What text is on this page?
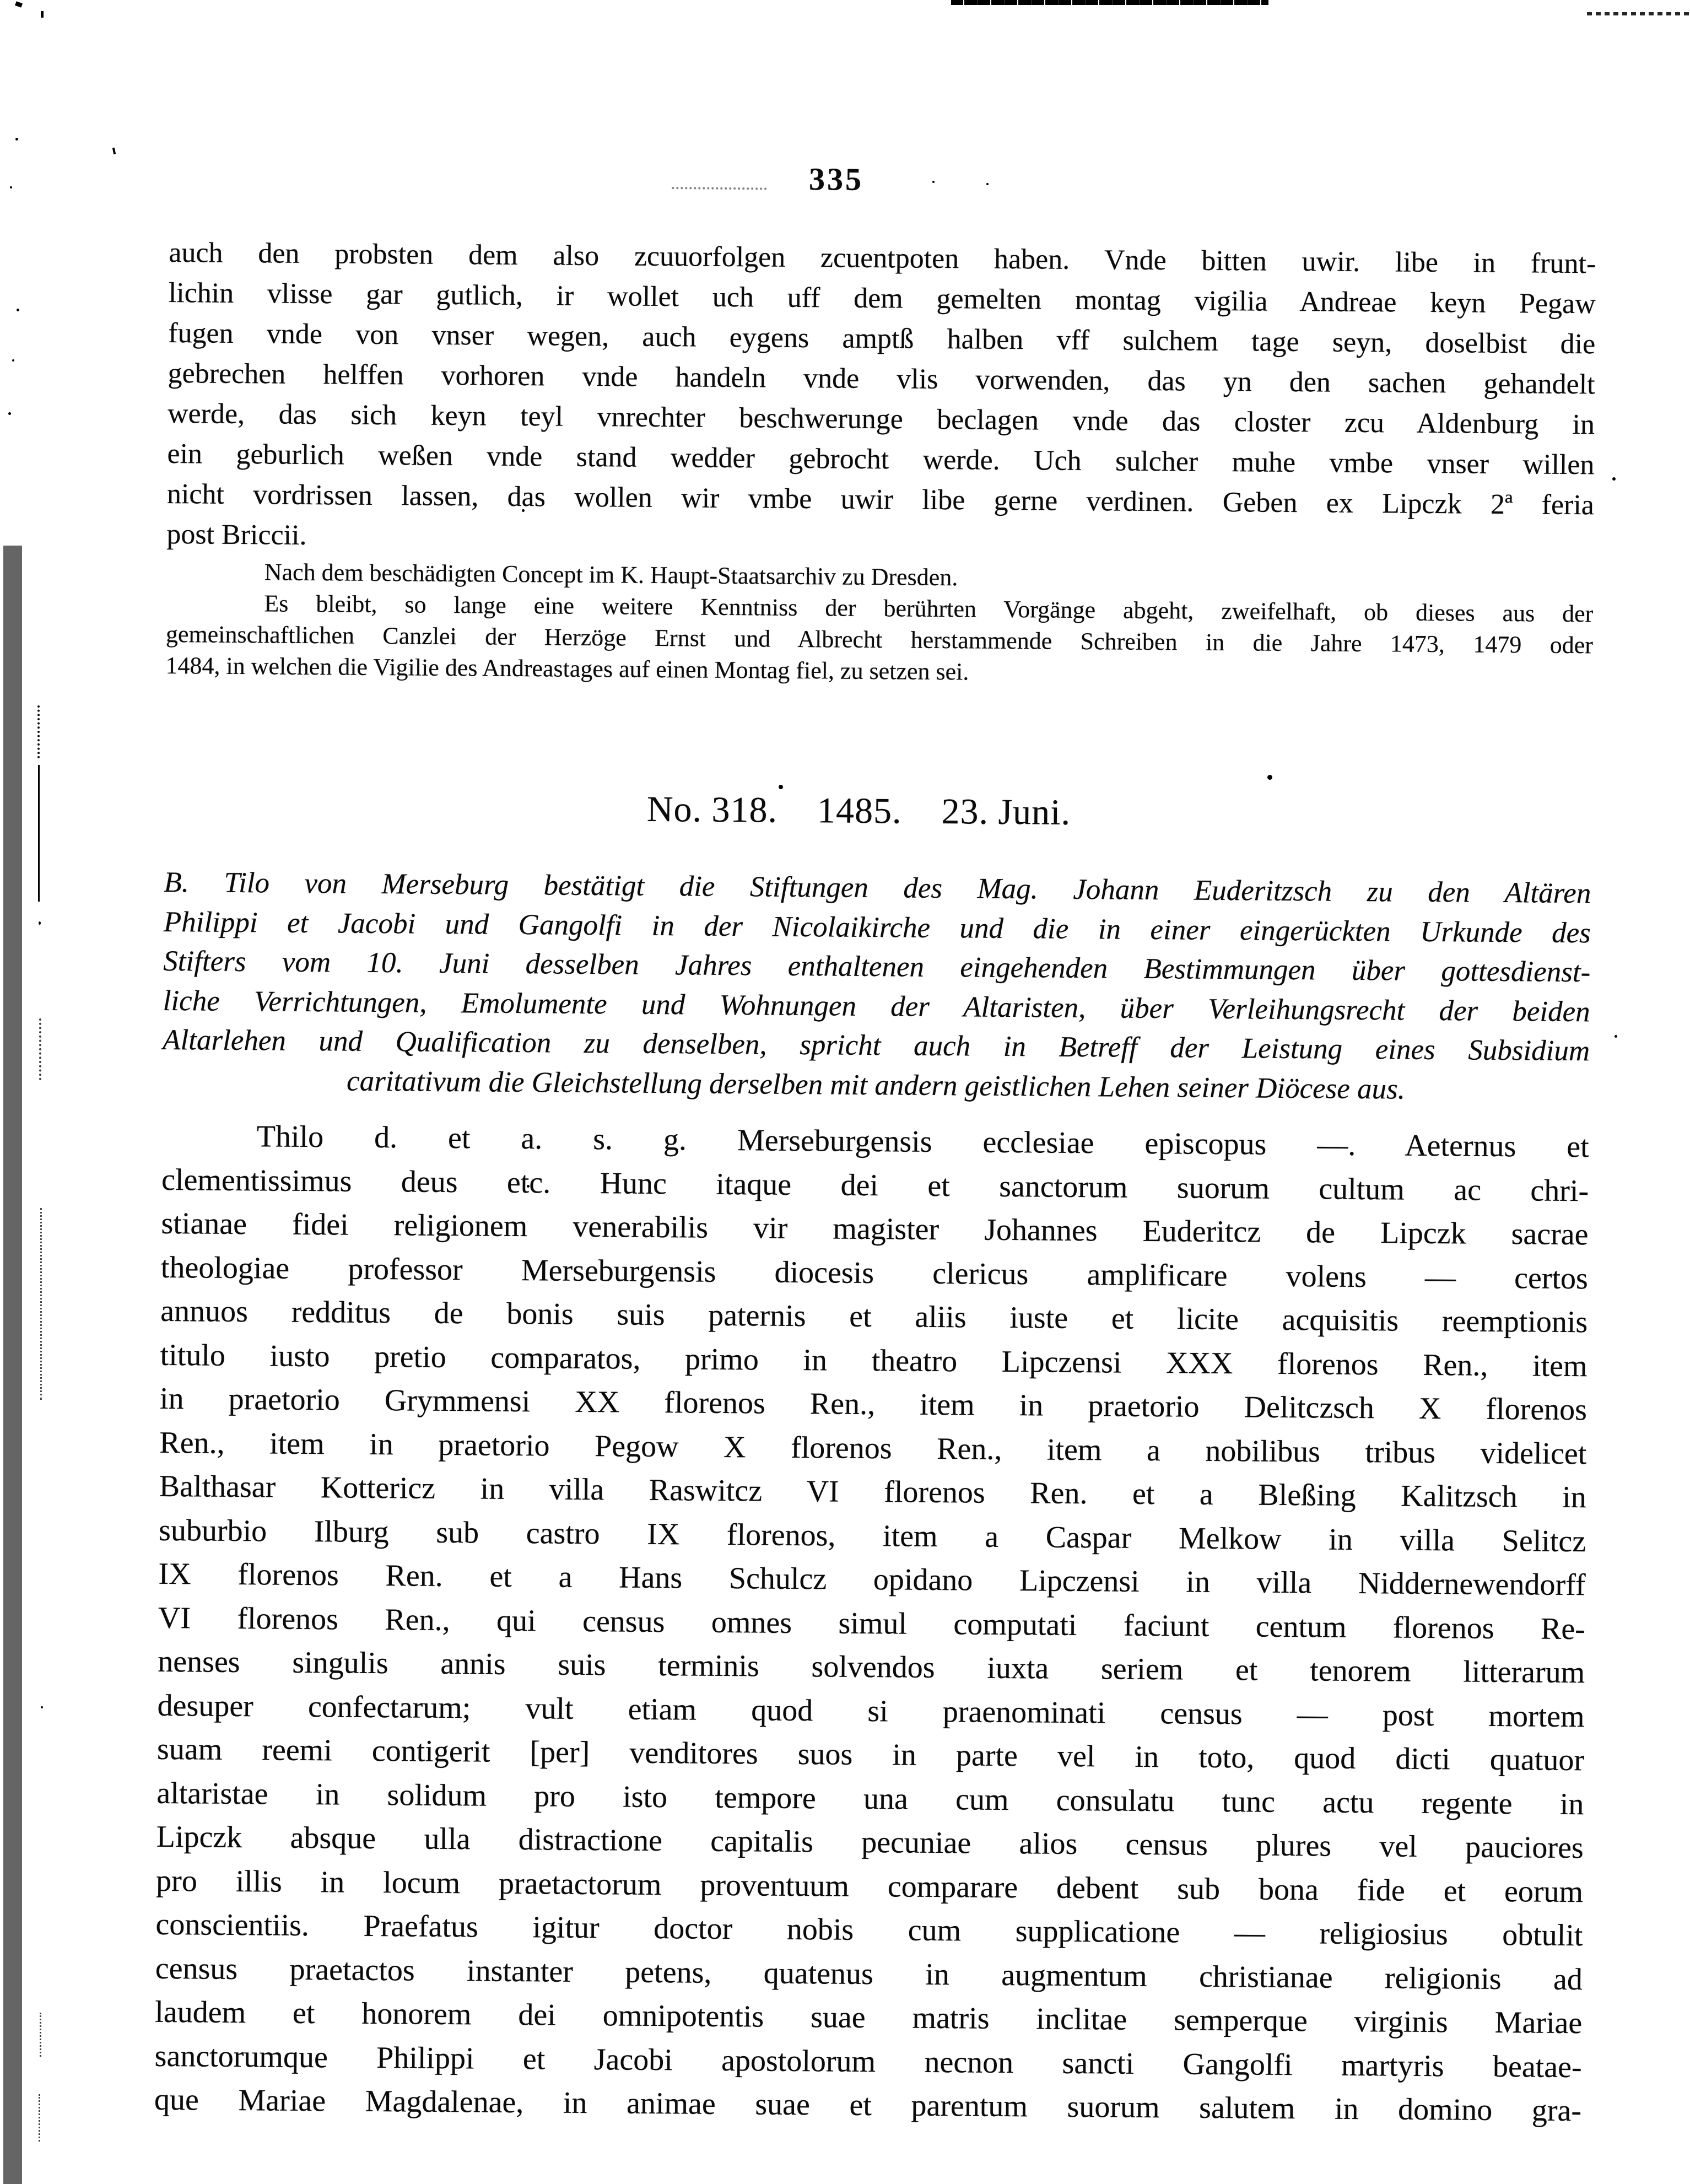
335
auch den probsten dem also zcuuorfolgen zcuentpoten haben. Vnde bitten uwir. libe in frunt-
lichin vlisse gar gutlich, ir wollet uch uff dem gemelten montag vigilia Andreae keyn Pegaw
fugen vnde von vnser wegen, auch eygens amptß halben vff sulchem tage seyn, doselbist die
gebrechen helffen vorhoren vnde handeln vnde vlis vorwenden, das yn den sachen gehandelt
werde, das sich keyn teyl vnrechter beschwerunge beclagen vnde das closter zcu Aldenburg in
ein geburlich weßen vnde stand wedder gebrocht werde. Uch sulcher muhe vmbe vnser willen
nicht vordrissen lassen, das wollen wir vmbe uwir libe gerne verdinen. Geben ex Lipczk 2ª feria
post Briccii.
Nach dem beschädigten Concept im K. Haupt-Staatsarchiv zu Dresden.
Es bleibt, so lange eine weitere Kenntniss der berührten Vorgänge abgeht, zweifelhaft, ob dieses aus der
gemeinschaftlichen Canzlei der Herzöge Ernst und Albrecht herstammende Schreiben in die Jahre 1473, 1479 oder
1484, in welchen die Vigilie des Andreastages auf einen Montag fiel, zu setzen sei.
No. 318. 1485. 23. Juni.
B. Tilo von Merseburg bestätigt die Stiftungen des Mag. Johann Euderitzsch zu den Altären
Philippi et Jacobi und Gangolfi in der Nicolaikirche und die in einer eingerückten Urkunde des
Stifters vom 10. Juni desselben Jahres enthaltenen eingehenden Bestimmungen über gottesdienst-
liche Verrichtungen, Emolumente und Wohnungen der Altaristen, über Verleihungsrecht der beiden
Altarlehen und Qualification zu denselben, spricht auch in Betreff der Leistung eines Subsidium
caritativum die Gleichstellung derselben mit andern geistlichen Lehen seiner Diöcese aus.
Thilo d. et a. s. g. Merseburgensis ecclesiae episcopus —. Aeternus et
clementissimus deus etc. Hunc itaque dei et sanctorum suorum cultum ac chri-
stianae fidei religionem venerabilis vir magister Johannes Euderitcz de Lipczk sacrae
theologiae professor Merseburgensis diocesis clericus amplificare volens — certos
annuos redditus de bonis suis paternis et aliis iuste et licite acquisitis reemptionis
titulo iusto pretio comparatos, primo in theatro Lipczensi XXX florenos Ren., item
in praetorio Grymmensi XX florenos Ren., item in praetorio Delitczsch X florenos
Ren., item in praetorio Pegow X florenos Ren., item a nobilibus tribus videlicet
Balthasar Kottericz in villa Raswitcz VI florenos Ren. et a Bleßing Kalitzsch in
suburbio Ilburg sub castro IX florenos, item a Caspar Melkow in villa Selitcz
IX florenos Ren. et a Hans Schulcz opidano Lipczensi in villa Niddernewendorff
VI florenos Ren., qui census omnes simul computati faciunt centum florenos Re-
nenses singulis annis suis terminis solvendos iuxta seriem et tenorem litterarum
desuper confectarum; vult etiam quod si praenominati census — post mortem
suam reemi contigerit [per] venditores suos in parte vel in toto, quod dicti quatuor
altaristae in solidum pro isto tempore una cum consulatu tunc actu regente in
Lipczk absque ulla distractione capitalis pecuniae alios census plures vel pauciores
pro illis in locum praetactorum proventuum comparare debent sub bona fide et eorum
conscientiis. Praefatus igitur doctor nobis cum supplicatione — religiosius obtulit
census praetactos instanter petens, quatenus in augmentum christianae religionis ad
laudem et honorem dei omnipotentis suae matris inclitae semperque virginis Mariae
sanctorumque Philippi et Jacobi apostolorum necnon sancti Gangolfi martyris beatae-
que Mariae Magdalenae, in animae suae et parentum suorum salutem in domino gra-
